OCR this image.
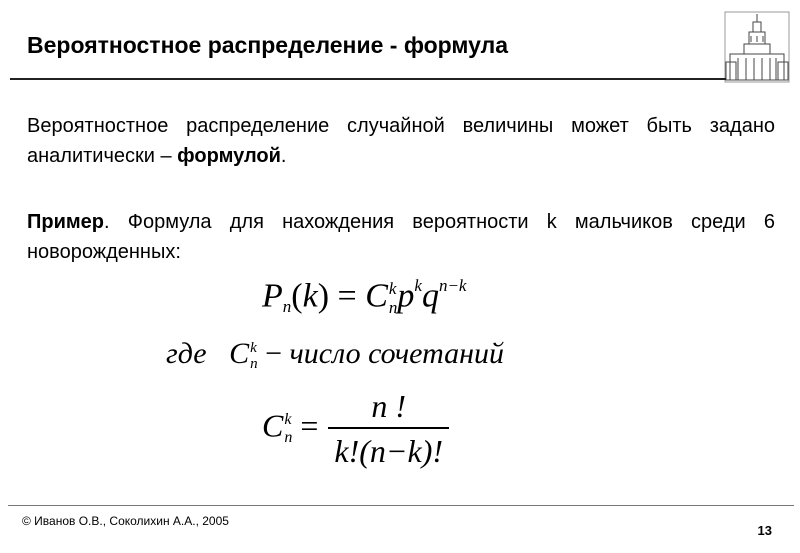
Вероятностное распределение - формула
Вероятностное распределение случайной величины может быть задано аналитически – формулой.
Пример. Формула для нахождения вероятности k мальчиков среди 6 новорожденных:
$P_n(k) = C$ k
n $p^kq^{n-k}$
где C k
n − число сочетаний
C k
$n = \frac{n !}{k!(n-k)!}$
© Иванов О.В., Соколихин А.А., 2005
13
